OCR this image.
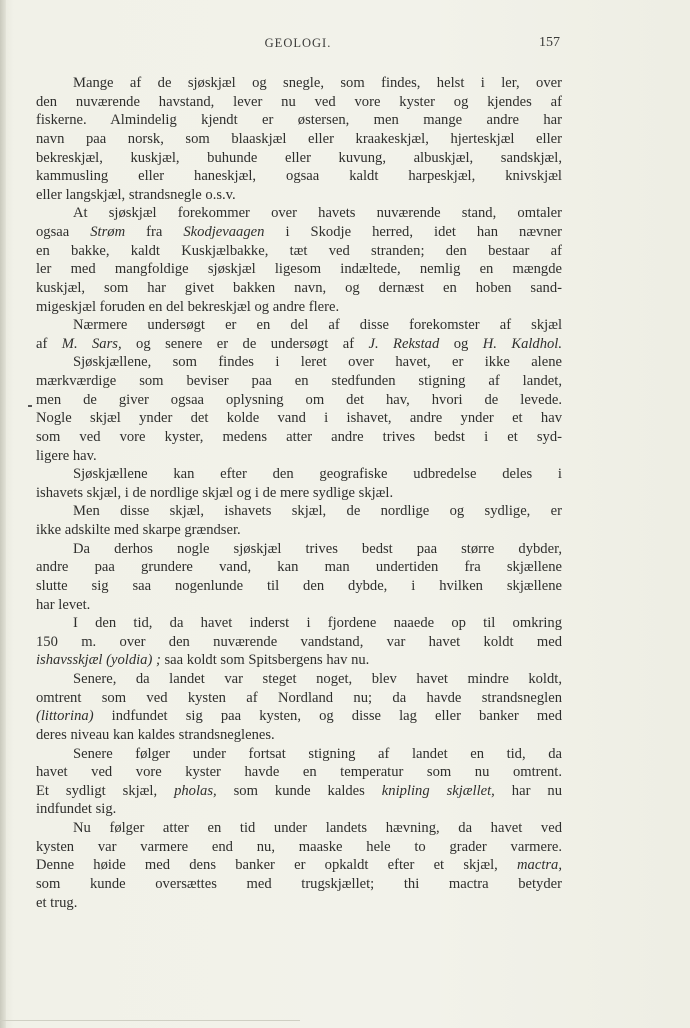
GEOLOGI.	157
Mange af de sjøskjæl og snegle, som findes, helst i ler, over
den nuværende havstand, lever nu ved vore kyster og kjendes af
fiskerne. Almindelig kjendt er østersen, men mange andre har
navn paa norsk, som blaaskjæl eller kraakeskjæl, hjerteskjæl eller
bekreskjæl, kuskjæl, buhunde eller kuvung, albuskjæl, sandskjæl,
kammusling eller haneskjæl, ogsaa kaldt harpeskjæl, knivskjæl
eller langskjæl, strandsnegle o.s.v.
At sjøskjæl forekommer over havets nuværende stand, omtaler
ogsaa Strøm fra Skodjevaagen i Skodje herred, idet han nævner
en bakke, kaldt Kuskjælbakke, tæt ved stranden; den bestaar af
ler med mangfoldige sjøskjæl ligesom indæltede, nemlig en mængde
kuskjæl, som har givet bakken navn, og dernæst en hoben sand-
migeskjæl foruden en del bekreskjæl og andre flere.
Nærmere undersøgt er en del af disse forekomster af skjæl
af M. Sars, og senere er de undersøgt af J. Rekstad og H. Kaldhol.
Sjøskjællene, som findes i leret over havet, er ikke alene
mærkværdige som beviser paa en stedfunden stigning af landet,
men de giver ogsaa oplysning om det hav, hvori de levede.
Nogle skjæl ynder det kolde vand i ishavet, andre ynder et hav
som ved vore kyster, medens atter andre trives bedst i et syd-
ligere hav.
Sjøskjællene kan efter den geografiske udbredelse deles i
ishavets skjæl, i de nordlige skjæl og i de mere sydlige skjæl.
Men disse skjæl, ishavets skjæl, de nordlige og sydlige, er
ikke adskilte med skarpe grændser.
Da derhos nogle sjøskjæl trives bedst paa større dybder,
andre paa grundere vand, kan man undertiden fra skjællene
slutte sig saa nogenlunde til den dybde, i hvilken skjællene
har levet.
I den tid, da havet inderst i fjordene naaede op til omkring
150 m. over den nuværende vandstand, var havet koldt med
ishavsskjæl (yoldia) ; saa koldt som Spitsbergens hav nu.
Senere, da landet var steget noget, blev havet mindre koldt,
omtrent som ved kysten af Nordland nu; da havde strandsneglen
(littorina) indfundet sig paa kysten, og disse lag eller banker med
deres niveau kan kaldes strandsneglenes.
Senere følger under fortsat stigning af landet en tid, da
havet ved vore kyster havde en temperatur som nu omtrent.
Et sydligt skjæl, pholas, som kunde kaldes knipling skjællet, har nu
indfundet sig.
Nu følger atter en tid under landets hævning, da havet ved
kysten var varmere end nu, maaske hele to grader varmere.
Denne høide med dens banker er opkaldt efter et skjæl, mactra,
som kunde oversættes med trugskjællet; thi mactra betyder
et trug.
